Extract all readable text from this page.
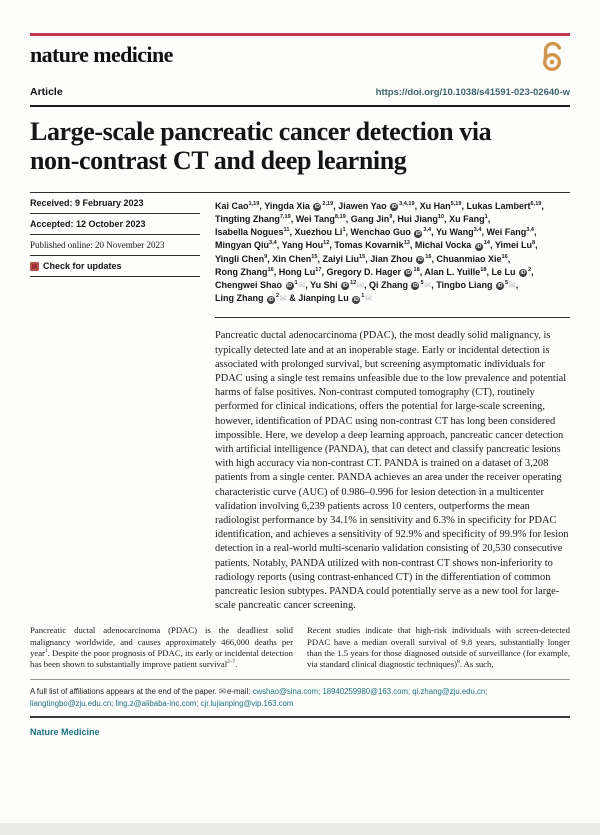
nature medicine
Article	https://doi.org/10.1038/s41591-023-02640-w
Large-scale pancreatic cancer detection via
non-contrast CT and deep learning
Received: 9 February 2023
Accepted: 12 October 2023
Published online: 20 November 2023
Check for updates
Kai Cao$^{1,19}$, Yingda Xia iD$^{2,19}$, Jiawen Yao iD$^{3,4,19}$, Xu Han$^{5,19}$, Lukas Lambert$^{6,19}$,
Tingting Zhang$^{7,19}$, Wei Tang$^{8,19}$, Gang Jin$^9$, Hui Jiang$^{10}$, Xu Fang$^1$,
Isabella Nogues$^{11}$, Xuezhou Li$^1$, Wenchao Guo iD$^{3,4}$, Yu Wang$^{3,4}$, Wei Fang$^{3,4}$,
Mingyan Qiu$^{3,4}$, Yang Hou$^{12}$, Tomas Kovarnik$^{13}$, Michal Vocka $iD^{14}$, Yimei Lu$^8$,
Yingli Chen$^9$, Xin Chen$^{15}$, Zaiyi Liu$^{15}$, Jian Zhou $iD^{16}$, Chuanmiao Xie$^{16}$,
Rong Zhang$^{16}$, Hong Lu$^{17}$, Gregory D. Hager $iD^{18}$, Alan L. Yuille$^{18}$, Le Lu $iD^2$,
Chengwei Shao $iD^1✉$, Yu Shi $iD^{12}✉$, Qi Zhang $iD^5✉$, Tingbo Liang $iD^5✉$,
Ling Zhang $iD^2✉$ & Jianping Lu $iD^1✉$
Pancreatic ductal adenocarcinoma (PDAC), the most deadly solid malignancy, is typically detected late and at an inoperable stage. Early or incidental detection is associated with prolonged survival, but screening asymptomatic individuals for PDAC using a single test remains unfeasible due to the low prevalence and potential harms of false positives. Non-contrast computed tomography (CT), routinely performed for clinical indications, offers the potential for large-scale screening, however, identification of PDAC using non-contrast CT has long been considered impossible. Here, we develop a deep learning approach, pancreatic cancer detection with artificial intelligence (PANDA), that can detect and classify pancreatic lesions with high accuracy via non-contrast CT. PANDA is trained on a dataset of 3,208 patients from a single center. PANDA achieves an area under the receiver operating characteristic curve (AUC) of 0.986–0.996 for lesion detection in a multicenter validation involving 6,239 patients across 10 centers, outperforms the mean radiologist performance by 34.1% in sensitivity and 6.3% in specificity for PDAC identification, and achieves a sensitivity of 92.9% and specificity of 99.9% for lesion detection in a real-world multi-scenario validation consisting of 20,530 consecutive patients. Notably, PANDA utilized with non-contrast CT shows non-inferiority to radiology reports (using contrast-enhanced CT) in the differentiation of common pancreatic lesion subtypes. PANDA could potentially serve as a new tool for large-scale pancreatic cancer screening.
Pancreatic ductal adenocarcinoma (PDAC) is the deadliest solid malignancy worldwide, and causes approximately 466,000 deaths per year$^1$. Despite the poor prognosis of PDAC, its early or incidental detection has been shown to substantially improve patient survival$^{2-7}$.
Recent studies indicate that high-risk individuals with screen-detected PDAC have a median overall survival of 9.8 years, substantially longer than the 1.5 years for those diagnosed outside of surveillance (for example, via standard clinical diagnostic techniques)$^8$. As such,
A full list of affiliations appears at the end of the paper. ✉e-mail: cwshao@sina.com; 18940259980@163.com; qi.zhang@zju.edu.cn; liangtingbo@zju.edu.cn; ling.z@alibaba-inc.com; cjr.lujianping@vip.163.com
Nature Medicine
